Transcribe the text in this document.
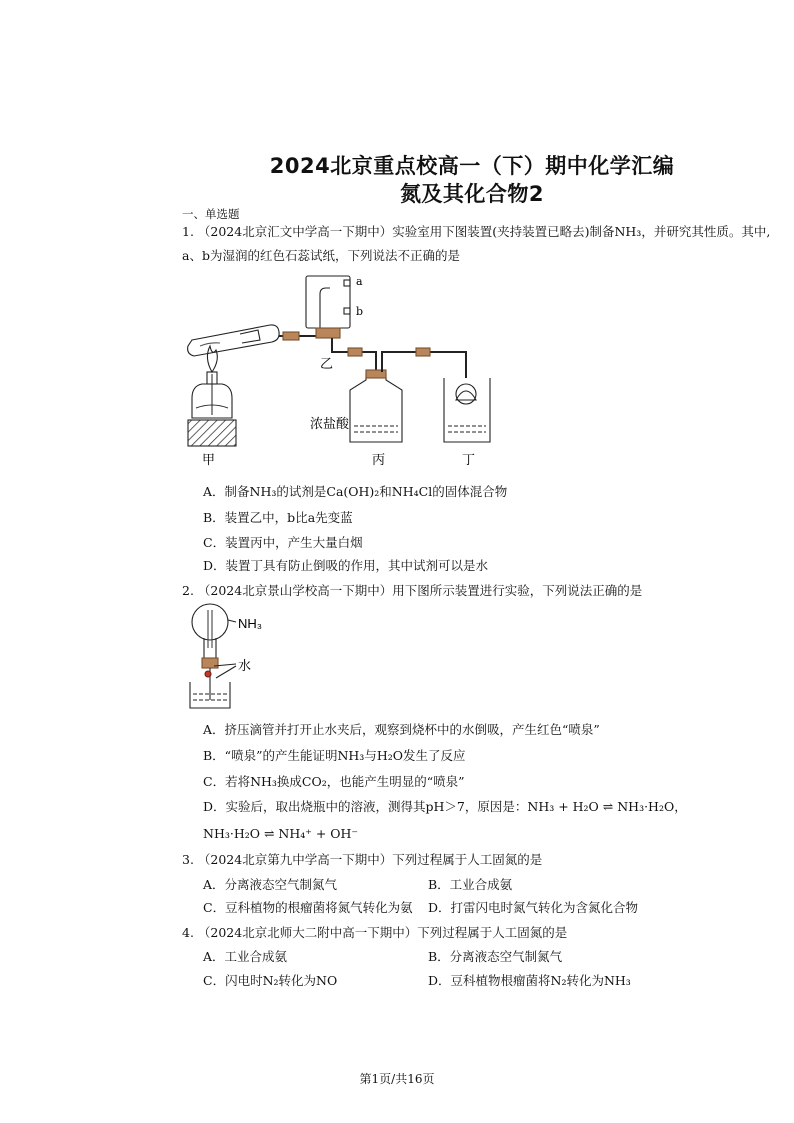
2024北京重点校高一（下）期中化学汇编
氮及其化合物2
一、单选题
1. （2024北京汇文中学高一下期中）实验室用下图装置(夹持装置已略去)制备NH₃，并研究其性质。其中,
a、b为湿润的红色石蕊试纸，下列说法不正确的是
a
b
乙
浓盐酸
甲	丙	丁
A．制备NH₃的试剂是Ca(OH)₂和NH₄Cl的固体混合物
B．装置乙中，b比a先变蓝
C．装置丙中，产生大量白烟
D．装置丁具有防止倒吸的作用，其中试剂可以是水
2. （2024北京景山学校高一下期中）用下图所示装置进行实验，下列说法正确的是
NH₃
水
A．挤压滴管并打开止水夹后，观察到烧杯中的水倒吸，产生红色“喷泉”
B．“喷泉”的产生能证明NH₃与H₂O发生了反应
C．若将NH₃换成CO₂，也能产生明显的“喷泉”
D．实验后，取出烧瓶中的溶液，测得其pH＞7，原因是：NH₃ + H₂O ⇌ NH₃·H₂O，
NH₃·H₂O ⇌ NH₄⁺ + OH⁻
3. （2024北京第九中学高一下期中）下列过程属于人工固氮的是
A．分离液态空气制氮气	B．工业合成氨
C．豆科植物的根瘤菌将氮气转化为氨 D．打雷闪电时氮气转化为含氮化合物
4. （2024北京北师大二附中高一下期中）下列过程属于人工固氮的是
A．工业合成氨	B．分离液态空气制氮气
C．闪电时N₂转化为NO	D．豆科植物根瘤菌将N₂转化为NH₃
第1页/共16页
